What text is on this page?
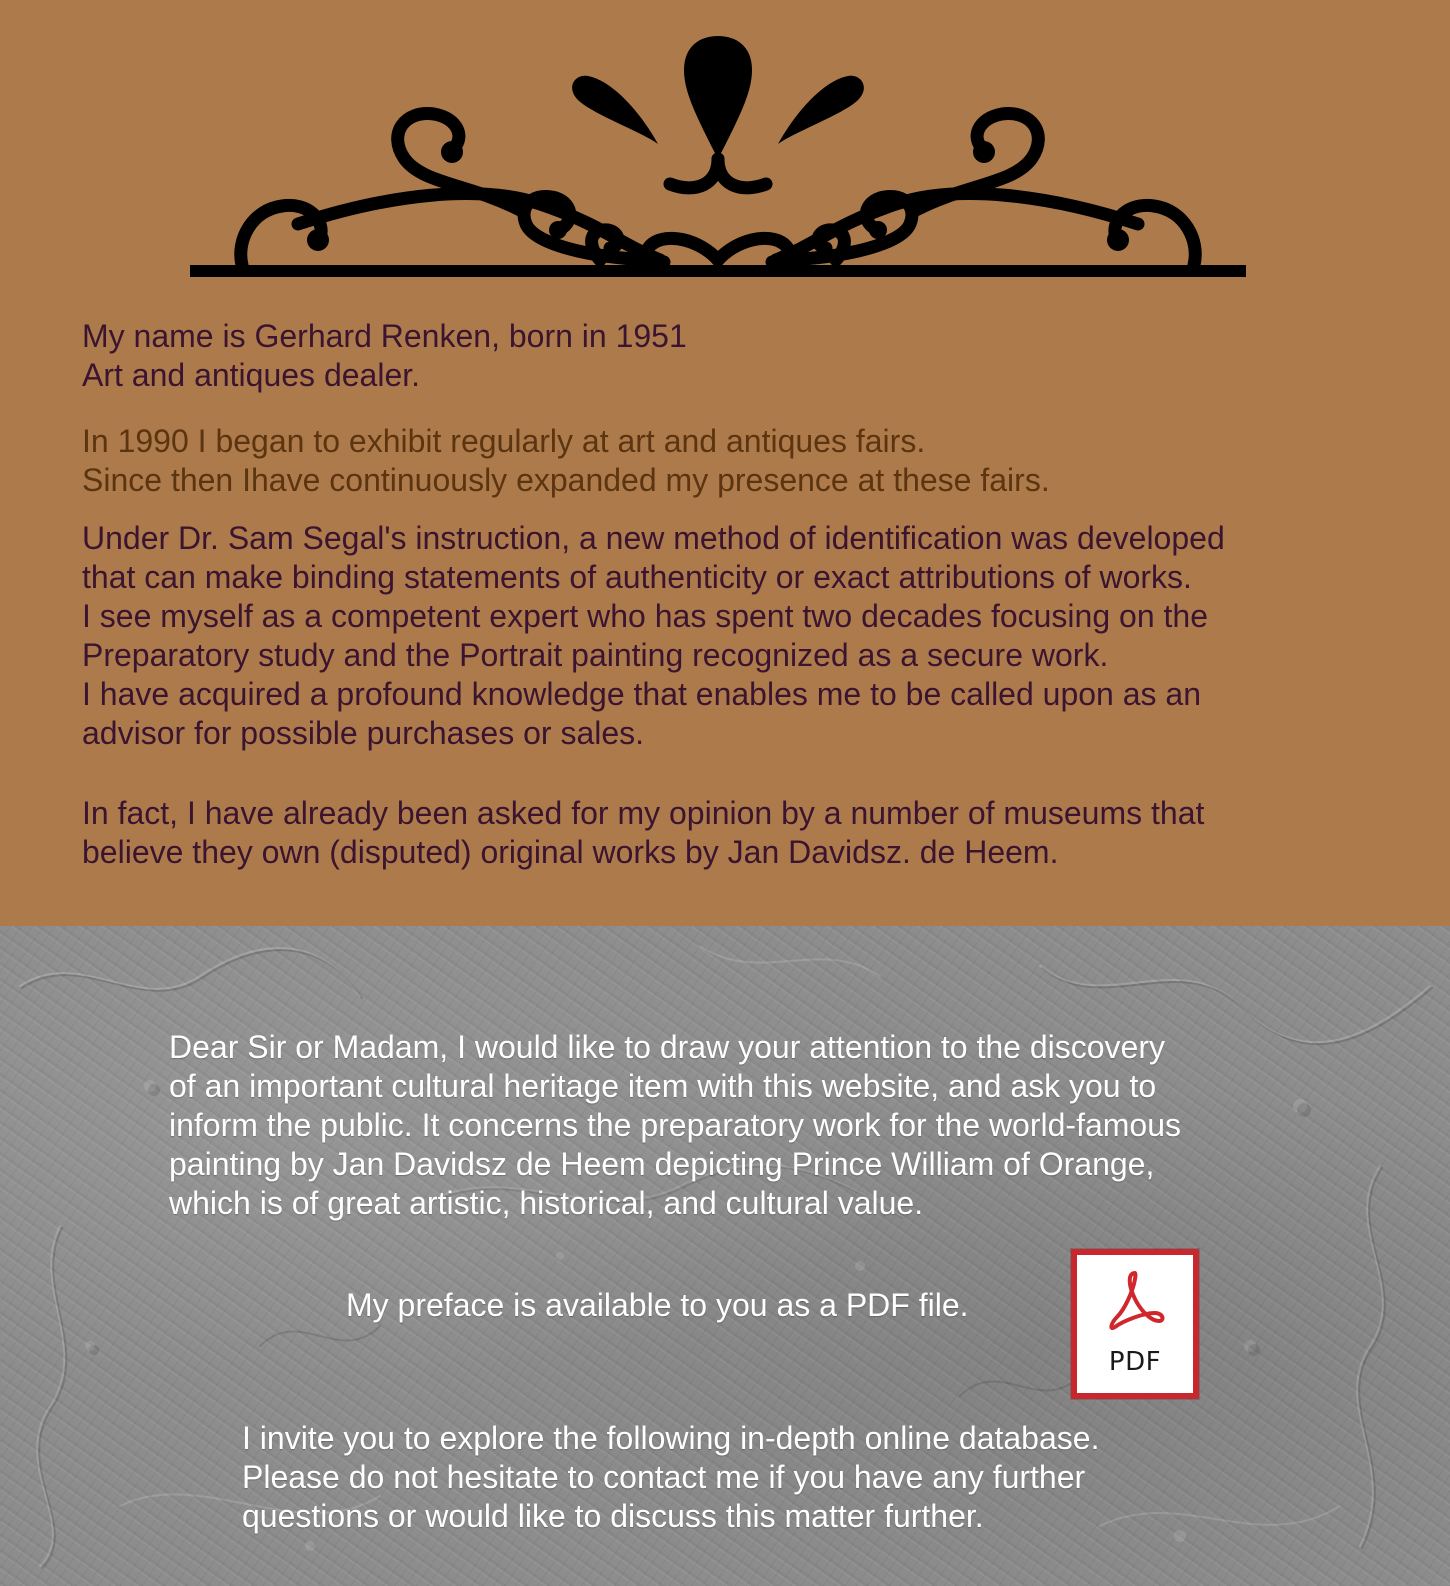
My name is Gerhard Renken, born in 1951
Art and antiques dealer.

In 1990 I began to exhibit regularly at art and antiques fairs.
Since then Ihave continuously expanded my presence at these fairs.

Under Dr. Sam Segal's instruction, a new method of identification was developed
that can make binding statements of authenticity or exact attributions of works.
I see myself as a competent expert who has spent two decades focusing on the
Preparatory study and the Portrait painting recognized as a secure work.
I have acquired a profound knowledge that enables me to be called upon as an
advisor for possible purchases or sales.

In fact, I have already been asked for my opinion by a number of museums that
believe they own (disputed) original works by Jan Davidsz. de Heem.

Dear Sir or Madam, I would like to draw your attention to the discovery
of an important cultural heritage item with this website, and ask you to
inform the public. It concerns the preparatory work for the world-famous
painting by Jan Davidsz de Heem depicting Prince William of Orange,
which is of great artistic, historical, and cultural value.

My preface is available to you as a PDF file.
PDF

I invite you to explore the following in-depth online database.
Please do not hesitate to contact me if you have any further
questions or would like to discuss this matter further.
